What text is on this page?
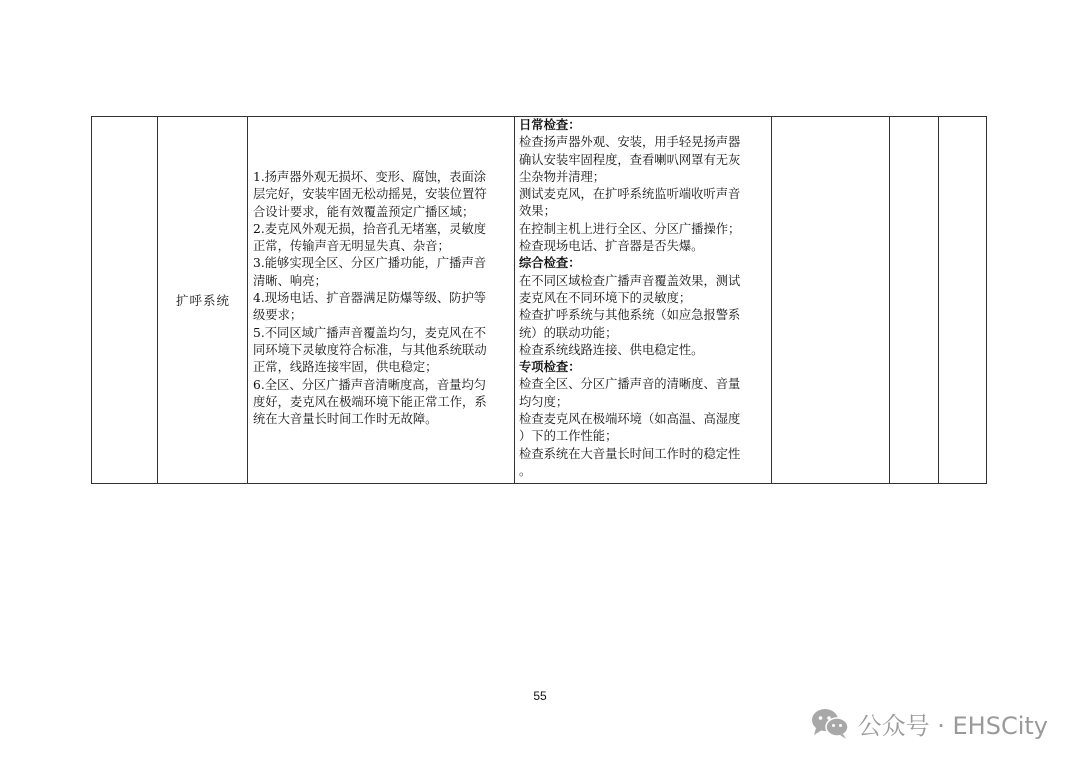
扩呼系统
1.扬声器外观无损坏、变形、腐蚀，表面涂
层完好，安装牢固无松动摇晃，安装位置符
合设计要求，能有效覆盖预定广播区域；
2.麦克风外观无损，拾音孔无堵塞，灵敏度
正常，传输声音无明显失真、杂音；
3.能够实现全区、分区广播功能，广播声音
清晰、响亮；
4.现场电话、扩音器满足防爆等级、防护等
级要求；
5.不同区域广播声音覆盖均匀，麦克风在不
同环境下灵敏度符合标准，与其他系统联动
正常，线路连接牢固，供电稳定；
6.全区、分区广播声音清晰度高，音量均匀
度好，麦克风在极端环境下能正常工作，系
统在大音量长时间工作时无故障。
日常检查：
检查扬声器外观、安装，用手轻晃扬声器
确认安装牢固程度，查看喇叭网罩有无灰
尘杂物并清理；
测试麦克风，在扩呼系统监听端收听声音
效果；
在控制主机上进行全区、分区广播操作；
检查现场电话、扩音器是否失爆。
综合检查：
在不同区域检查广播声音覆盖效果，测试
麦克风在不同环境下的灵敏度；
检查扩呼系统与其他系统（如应急报警系
统）的联动功能；
检查系统线路连接、供电稳定性。
专项检查：
检查全区、分区广播声音的清晰度、音量
均匀度；
检查麦克风在极端环境（如高温、高湿度
）下的工作性能；
检查系统在大音量长时间工作时的稳定性
。
55
公众号 · EHSCity
